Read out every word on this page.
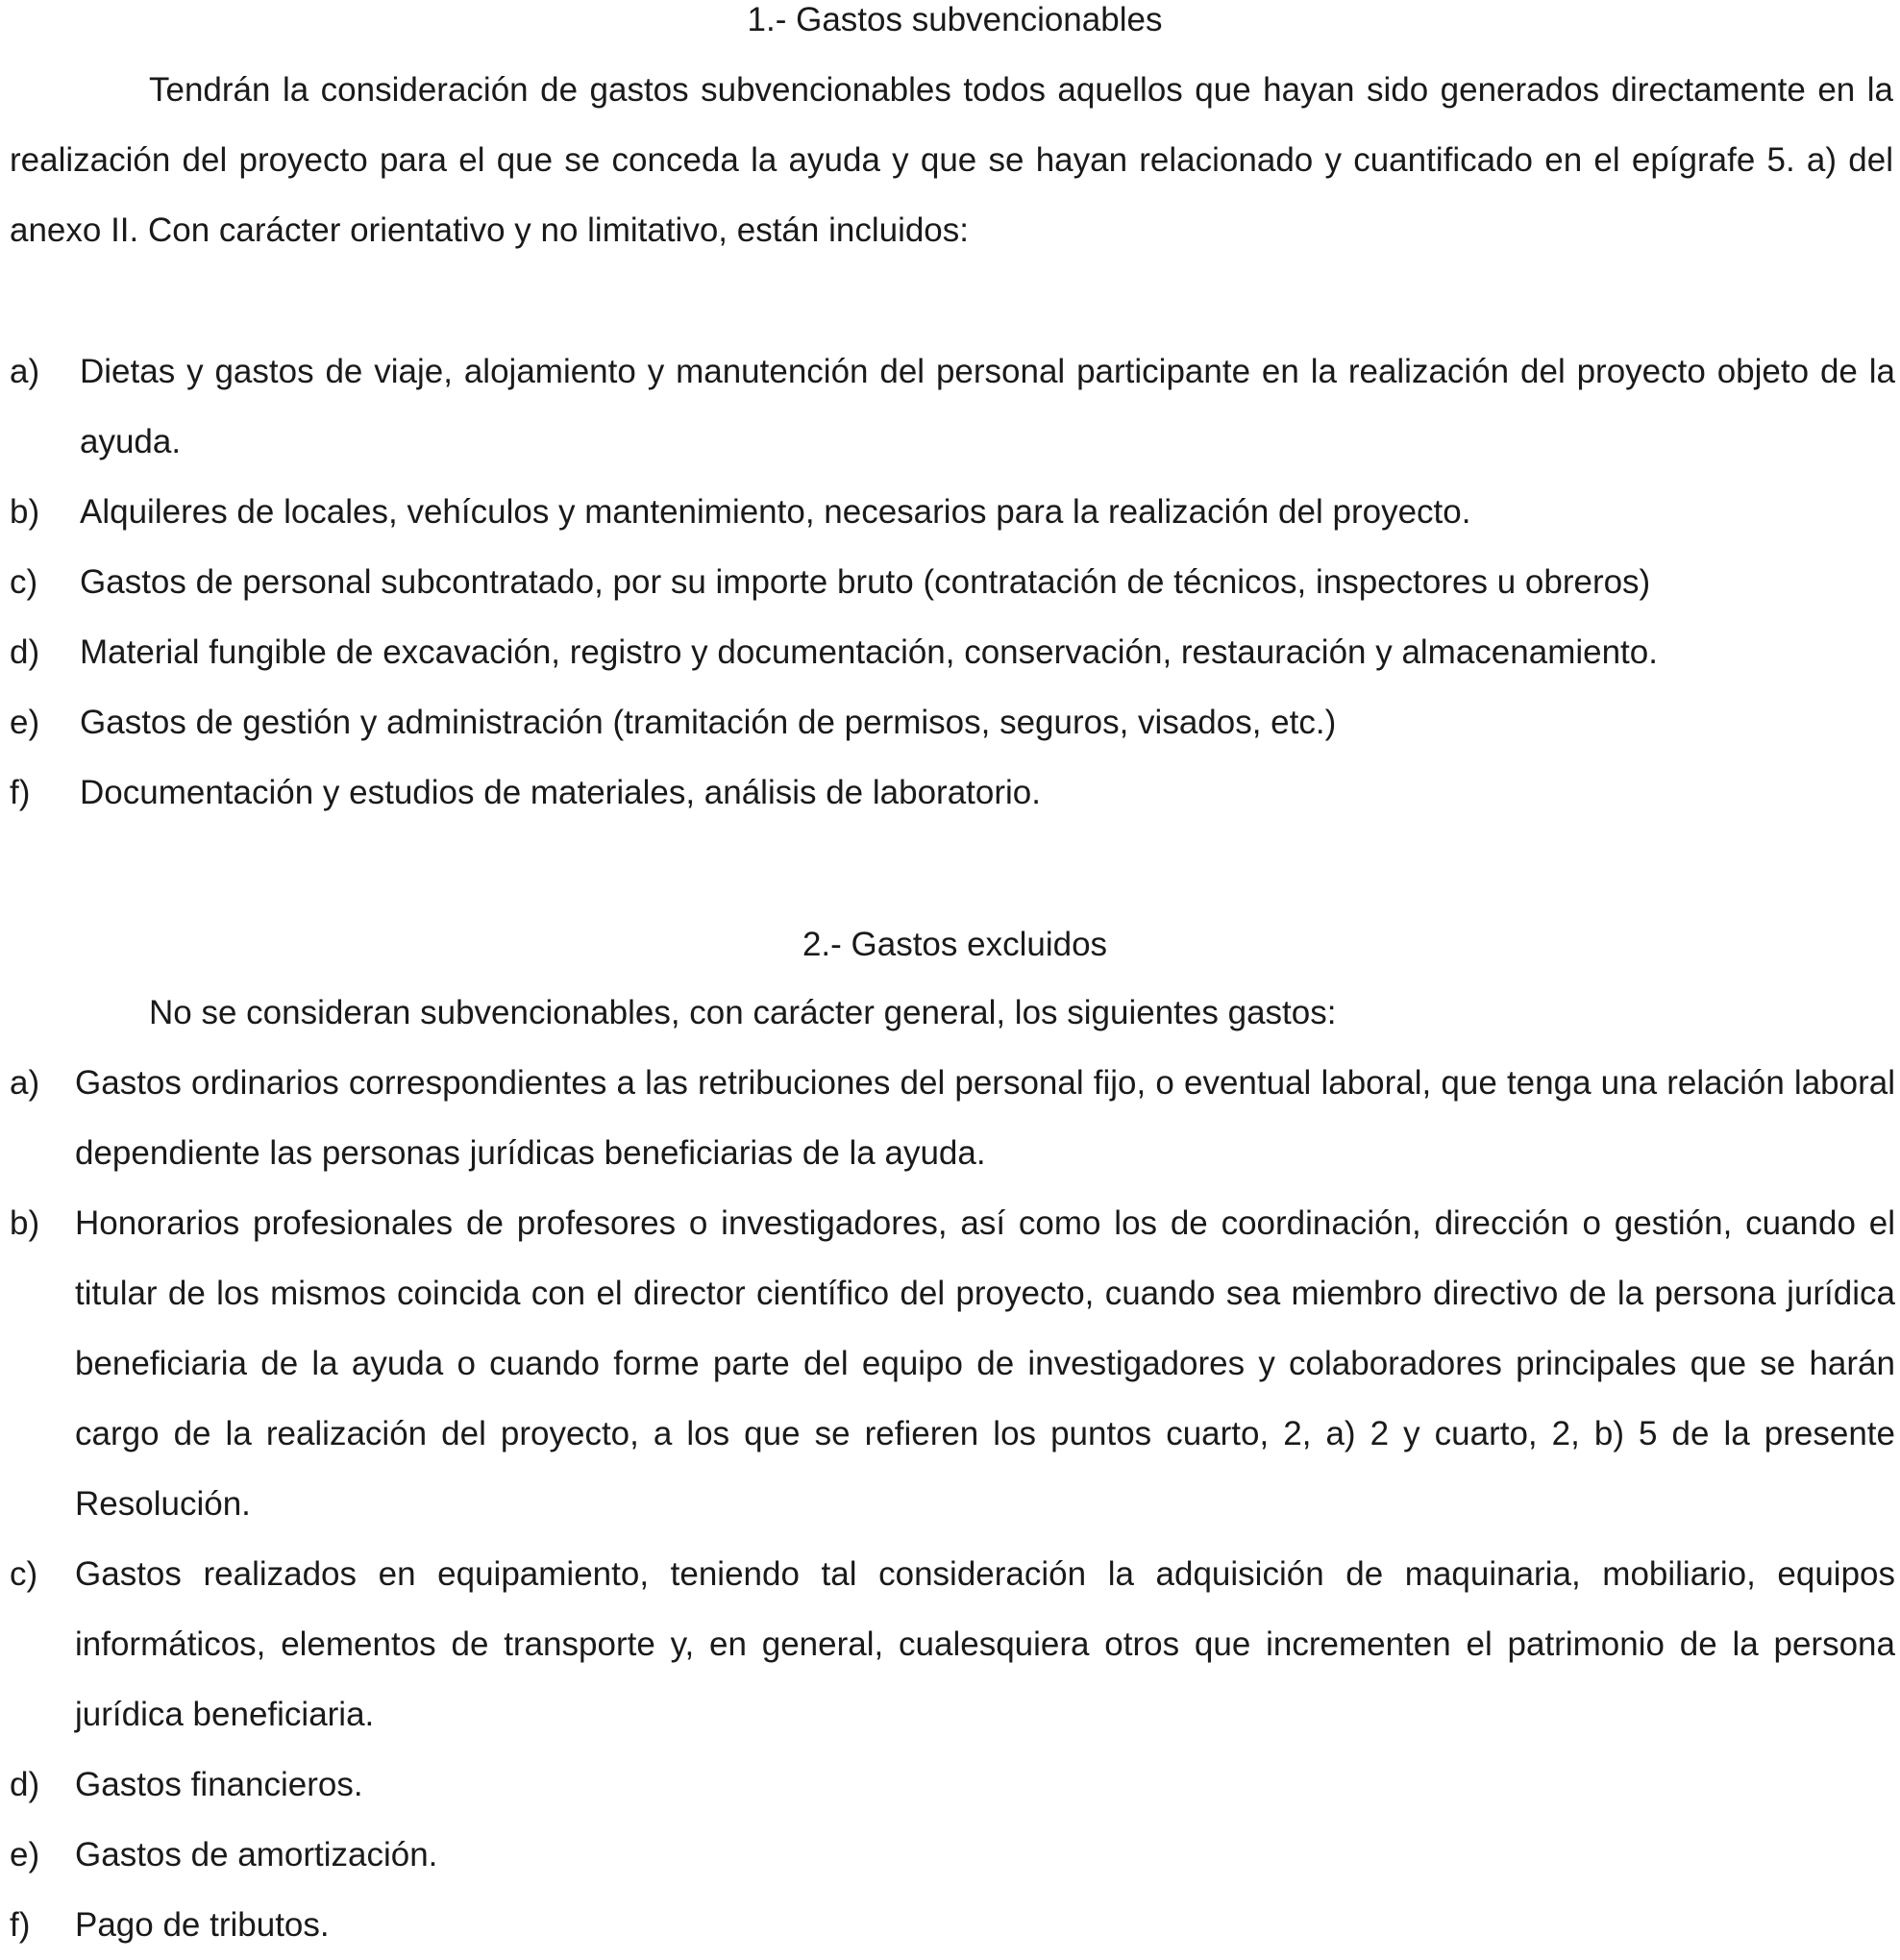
1.- Gastos subvencionables

Tendrán la consideración de gastos subvencionables todos aquellos que hayan sido generados directamente en la realización del proyecto para el que se conceda la ayuda y que se hayan relacionado y cuantificado en el epígrafe 5. a) del anexo II. Con carácter orientativo y no limitativo, están incluidos:

a)	Dietas y gastos de viaje, alojamiento y manutención del personal participante en la realización del proyecto objeto de la ayuda.
b)	Alquileres de locales, vehículos y mantenimiento, necesarios para la realización del proyecto.
c)	Gastos de personal subcontratado, por su importe bruto (contratación de técnicos, inspectores u obreros)
d)	Material fungible de excavación, registro y documentación, conservación, restauración y almacenamiento.
e)	Gastos de gestión y administración (tramitación de permisos, seguros, visados, etc.)
f)	Documentación y estudios de materiales, análisis de laboratorio.
2.- Gastos excluidos

No se consideran subvencionables, con carácter general, los siguientes gastos:

a)	Gastos ordinarios correspondientes a las retribuciones del personal fijo, o eventual laboral, que tenga una relación laboral dependiente las personas jurídicas beneficiarias de la ayuda.
b)	Honorarios profesionales de profesores o investigadores, así como los de coordinación, dirección o gestión, cuando el titular de los mismos coincida con el director científico del proyecto, cuando sea miembro directivo de la persona jurídica beneficiaria de la ayuda o cuando forme parte del equipo de investigadores y colaboradores principales que se harán cargo de la realización del proyecto, a los que se refieren los puntos cuarto, 2, a) 2 y cuarto, 2, b) 5 de la presente Resolución.
c)	Gastos realizados en equipamiento, teniendo tal consideración la adquisición de maquinaria, mobiliario, equipos informáticos, elementos de transporte y, en general, cualesquiera otros que incrementen el patrimonio de la persona jurídica beneficiaria.
d)	Gastos financieros.
e)	Gastos de amortización.
f)	Pago de tributos.
